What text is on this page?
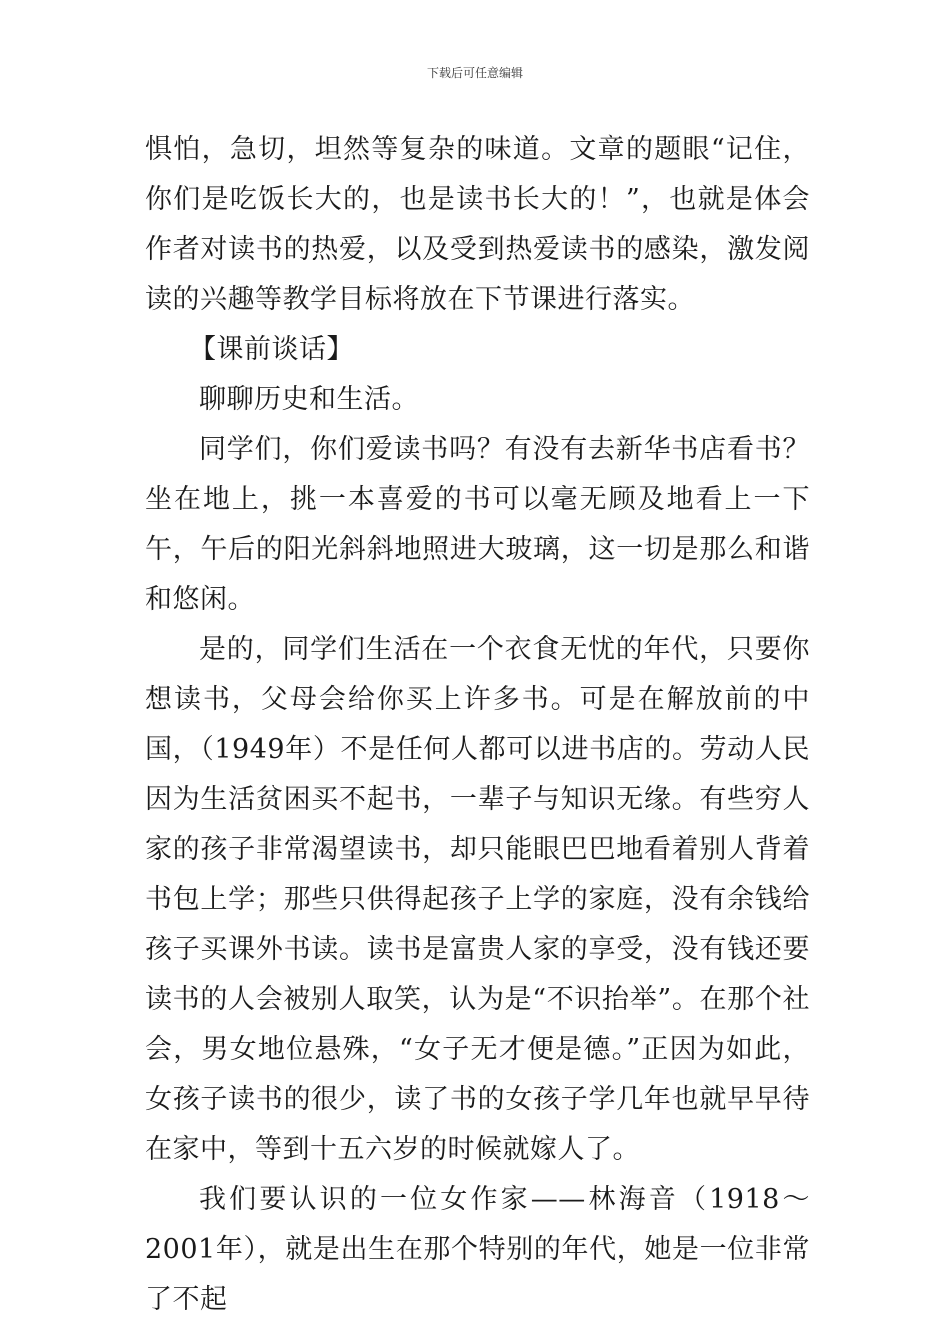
下载后可任意编辑

惧怕，急切，坦然等复杂的味道。文章的题眼“记住，你们是吃饭长大的，也是读书长大的！”，也就是体会作者对读书的热爱，以及受到热爱读书的感染，激发阅读的兴趣等教学目标将放在下节课进行落实。

【课前谈话】

聊聊历史和生活。

同学们，你们爱读书吗？有没有去新华书店看书？坐在地上，挑一本喜爱的书可以毫无顾及地看上一下午，午后的阳光斜斜地照进大玻璃，这一切是那么和谐和悠闲。

是的，同学们生活在一个衣食无忧的年代，只要你想读书，父母会给你买上许多书。可是在解放前的中国，（1949年）不是任何人都可以进书店的。劳动人民因为生活贫困买不起书，一辈子与知识无缘。有些穷人家的孩子非常渴望读书，却只能眼巴巴地看着别人背着书包上学；那些只供得起孩子上学的家庭，没有余钱给孩子买课外书读。读书是富贵人家的享受，没有钱还要读书的人会被别人取笑，认为是“不识抬举”。在那个社会，男女地位悬殊，“女子无才便是德。”正因为如此，女孩子读书的很少，读了书的女孩子学几年也就早早待在家中，等到十五六岁的时候就嫁人了。

我们要认识的一位女作家——林海音（1918～2001年），就是出生在那个特别的年代，她是一位非常了不起
